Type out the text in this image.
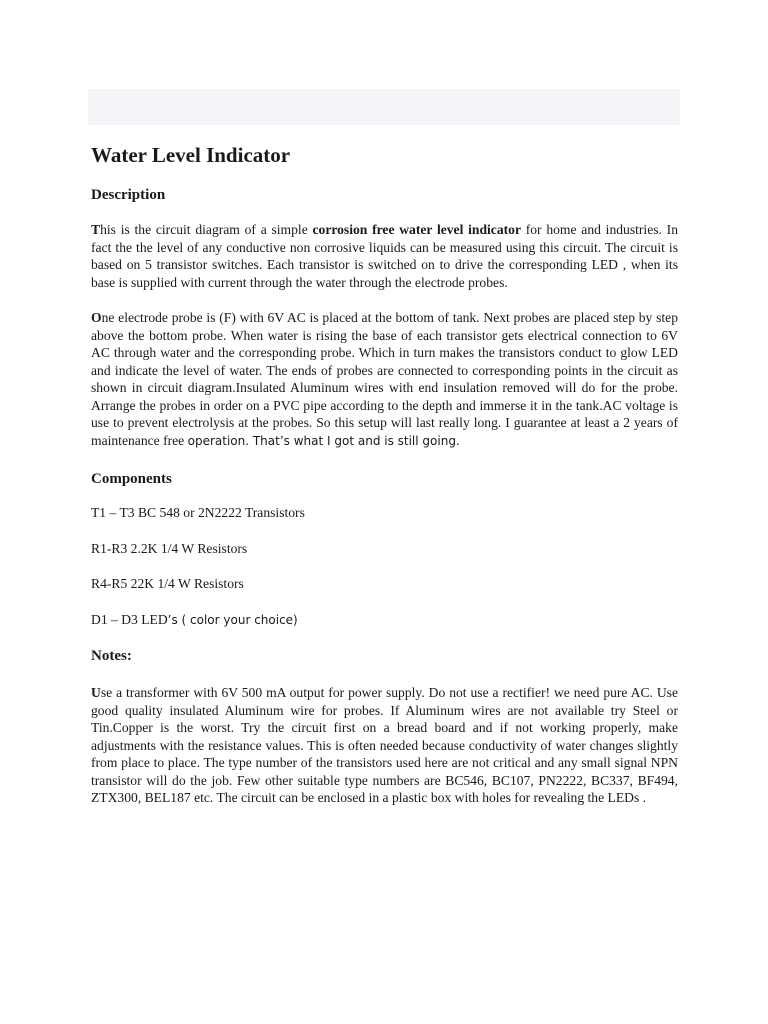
Water Level Indicator
Description

This is the circuit diagram of a simple corrosion free water level indicator for home and industries. In fact the the level of any conductive non corrosive liquids can be measured using this circuit. The circuit is based on 5 transistor switches. Each transistor is switched on to drive the corresponding LED , when its base is supplied with current through the water through the electrode probes.

One electrode probe is (F) with 6V AC is placed at the bottom of tank. Next probes are placed step by step above the bottom probe. When water is rising the base of each transistor gets electrical connection to 6V AC through water and the corresponding probe. Which in turn makes the transistors conduct to glow LED and indicate the level of water. The ends of probes are connected to corresponding points in the circuit as shown in circuit diagram.Insulated Aluminum wires with end insulation removed will do for the probe. Arrange the probes in order on a PVC pipe according to the depth and immerse it in the tank.AC voltage is use to prevent electrolysis at the probes. So this setup will last really long. I guarantee at least a 2 years of maintenance free operation. That’s what I got and is still going.

Components
T1 – T3 BC 548 or 2N2222 Transistors
R1-R3 2.2K 1/4 W Resistors
R4-R5 22K 1/4 W Resistors
D1 – D3 LED’s ( color your choice)
Notes:

Use a transformer with 6V 500 mA output for power supply. Do not use a rectifier! we need pure AC. Use good quality insulated Aluminum wire for probes. If Aluminum wires are not available try Steel or Tin.Copper is the worst. Try the circuit first on a bread board and if not working properly, make adjustments with the resistance values. This is often needed because conductivity of water changes slightly from place to place. The type number of the transistors used here are not critical and any small signal NPN transistor will do the job. Few other suitable type numbers are BC546, BC107, PN2222, BC337, BF494, ZTX300, BEL187 etc. The circuit can be enclosed in a plastic box with holes for revealing the LEDs .
